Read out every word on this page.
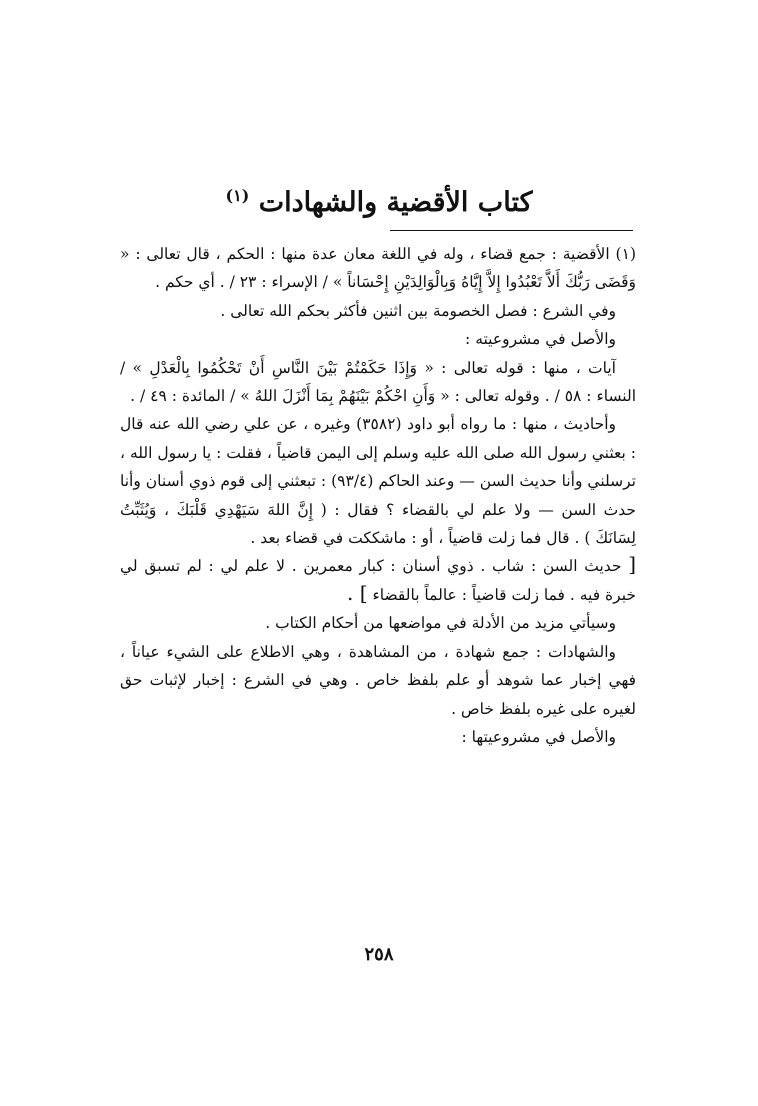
كتاب الأقضية والشهادات $^{(١)}$

(١) الأقضية : جمع قضاء ، وله في اللغة معان عدة منها : الحكم ، قال تعالى : « وَقَضَى رَبُّكَ أَلاَّ تَعْبُدُوا إِلاَّ إِيَّاهُ وَبِالْوَالِدَيْنِ إِحْسَاناً » / الإسراء : ٢٣ / . أي حكم .

وفي الشرع : فصل الخصومة بين اثنين فأكثر بحكم الله تعالى .

والأصل في مشروعيته :

آيات ، منها : قوله تعالى : « وَإِذَا حَكَمْتُمْ بَيْنَ النَّاسِ أَنْ تَحْكُمُوا بِالْعَدْلِ » / النساء : ٥٨ / . وقوله تعالى : « وَأَنِ احْكُمْ بَيْنَهُمْ بِمَا أَنْزَلَ اللهُ » / المائدة : ٤٩ / .

وأحاديث ، منها : ما رواه أبو داود (٣٥٨٢) وغيره ، عن علي رضي الله عنه قال : بعثني رسول الله صلى الله عليه وسلم إلى اليمن قاضياً ، فقلت : يا رسول الله ، ترسلني وأنا حديث السن — وعند الحاكم (٩٣/٤) : تبعثني إلى قوم ذوي أسنان وأنا حدث السن — ولا علم لي بالقضاء ؟ فقال : ( إِنَّ اللهَ سَيَهْدِي قَلْبَكَ ، وَيُثَبِّتُ لِسَانَكَ ) . قال فما زلت قاضياً ، أو : ماشككت في قضاء بعد .

[ حديث السن : شاب . ذوي أسنان : كبار معمرين . لا علم لي : لم تسبق لي خبرة فيه . فما زلت قاضياً : عالماً بالقضاء ] .

وسيأتي مزيد من الأدلة في مواضعها من أحكام الكتاب .

والشهادات : جمع شهادة ، من المشاهدة ، وهي الاطلاع على الشيء عياناً ، فهي إخبار عما شوهد أو علم بلفظ خاص . وهي في الشرع : إخبار لإثبات حق لغيره على غيره بلفظ خاص .

والأصل في مشروعيتها :

٢٥٨
